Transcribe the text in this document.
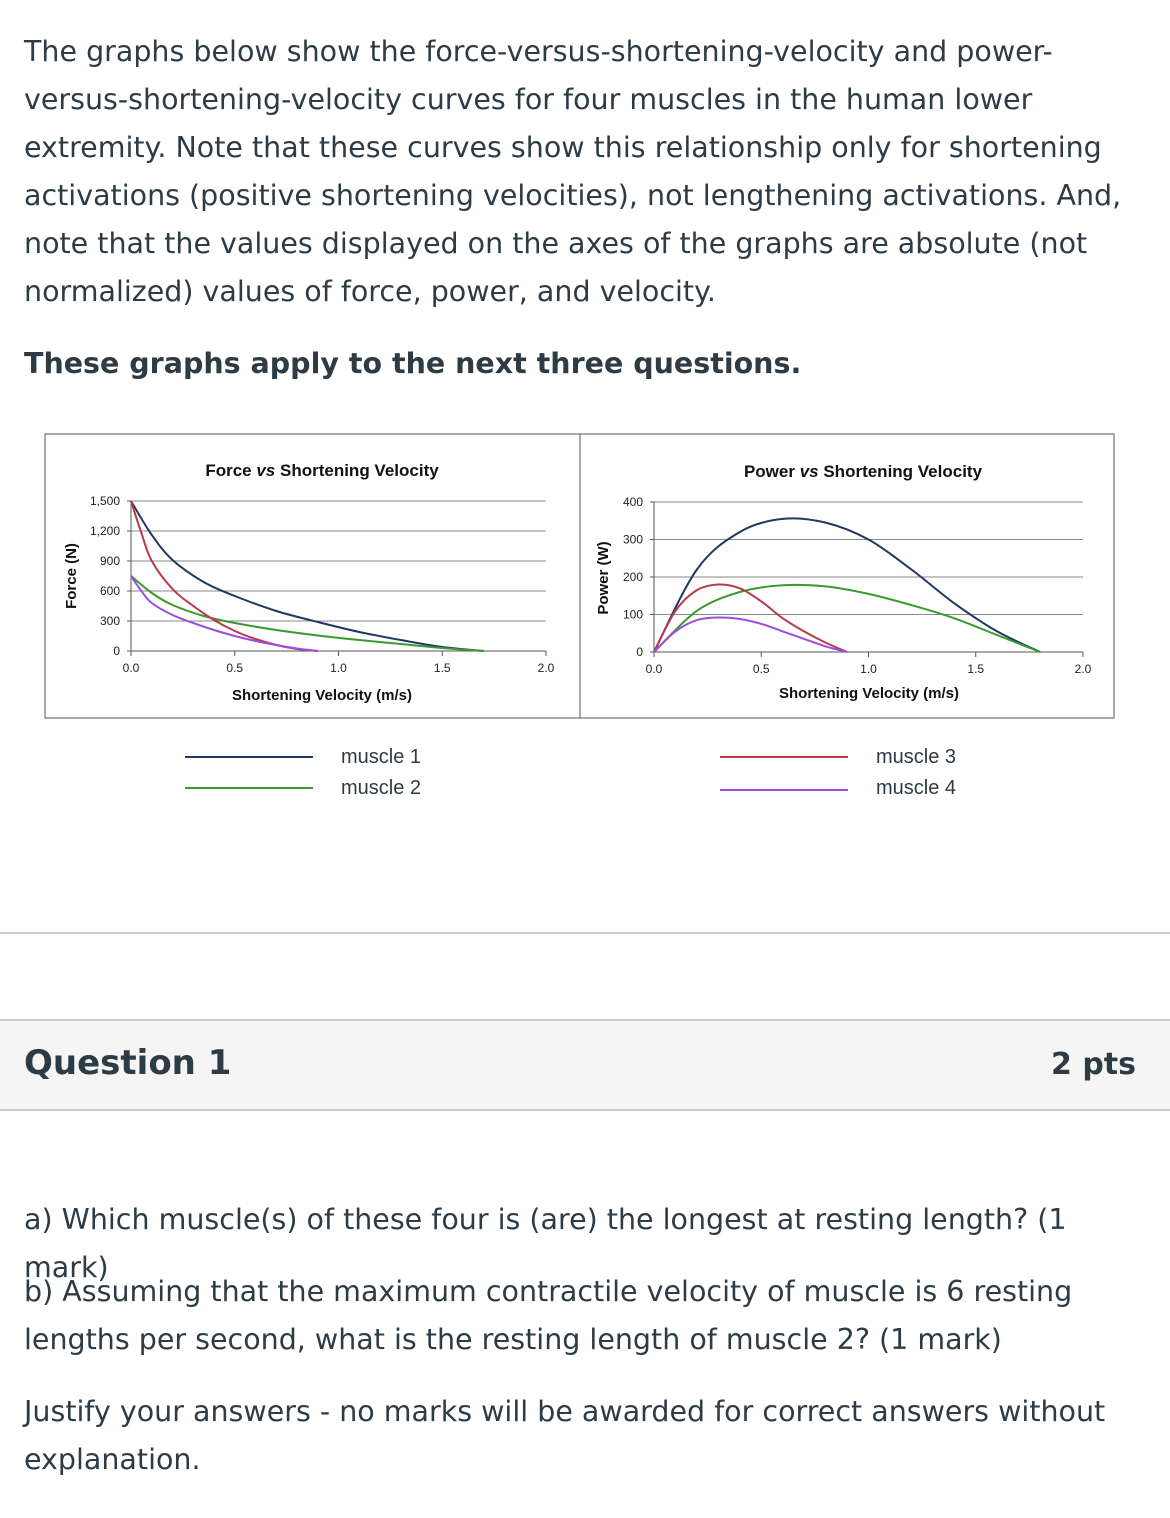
The graphs below show the force-versus-shortening-velocity and power-versus-shortening-velocity curves for four muscles in the human lower extremity. Note that these curves show this relationship only for shortening activations (positive shortening velocities), not lengthening activations. And, note that the values displayed on the axes of the graphs are absolute (not normalized) values of force, power, and velocity.

These graphs apply to the next three questions.

0
300
600
900
1,200
1,500
0.0	0.5	1.0	1.5	2.0
Force vs Shortening Velocity
Shortening Velocity (m/s)
Force (N)
0
100
200
300
400
0.0	0.5	1.0	1.5	2.0
Power vs Shortening Velocity
Shortening Velocity (m/s)
Power (W)
muscle 1
muscle 2
muscle 3
muscle 4
Question 1	2 pts

a) Which muscle(s) of these four is (are) the longest at resting length? (1 mark)

b) Assuming that the maximum contractile velocity of muscle is 6 resting lengths per second, what is the resting length of muscle 2? (1 mark)

Justify your answers - no marks will be awarded for correct answers without explanation.
